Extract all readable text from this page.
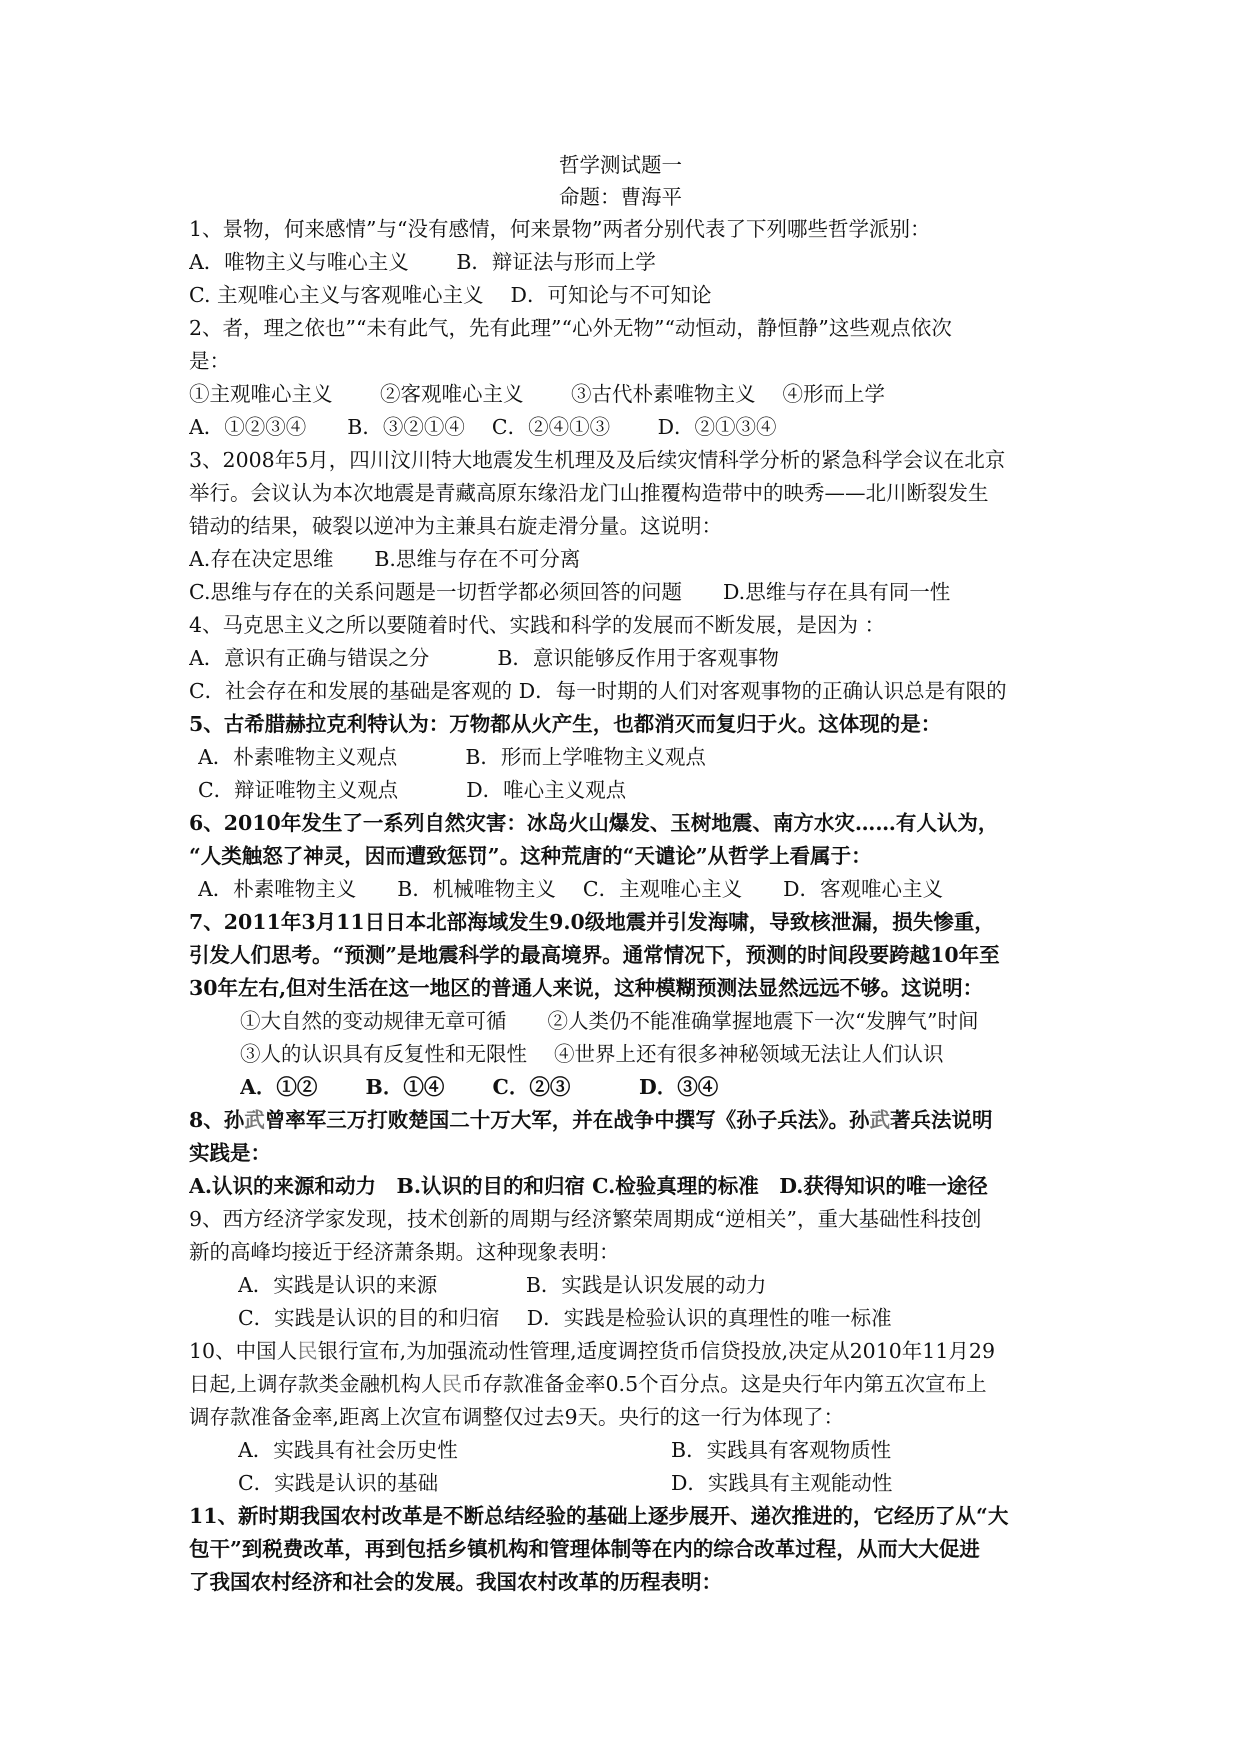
哲学测试题一
命题：曹海平
1、景物，何来感情”与“没有感情，何来景物”两者分别代表了下列哪些哲学派别：
A．唯物主义与唯心主义　　 B．辩证法与形而上学
C. 主观唯心主义与客观唯心主义　 D．可知论与不可知论
2、者，理之依也”“未有此气，先有此理”“心外无物”“动恒动，静恒静”这些观点依次
是：
①主观唯心主义　　 ②客观唯心主义　　 ③古代朴素唯物主义　 ④形而上学
A．①②③④　　B．③②①④　 C．②④①③　　 D．②①③④
3、2008年5月，四川汶川特大地震发生机理及及后续灾情科学分析的紧急科学会议在北京
举行。会议认为本次地震是青藏高原东缘沿龙门山推覆构造带中的映秀——北川断裂发生
错动的结果，破裂以逆冲为主兼具右旋走滑分量。这说明：
A.存在决定思维　　B.思维与存在不可分离
C.思维与存在的关系问题是一切哲学都必须回答的问题　　D.思维与存在具有同一性
4、马克思主义之所以要随着时代、实践和科学的发展而不断发展，是因为 ：
A．意识有正确与错误之分　　　 B．意识能够反作用于客观事物
C．社会存在和发展的基础是客观的 D．每一时期的人们对客观事物的正确认识总是有限的
5、古希腊赫拉克利特认为：万物都从火产生，也都消灭而复归于火。这体现的是：
A．朴素唯物主义观点　　　 B．形而上学唯物主义观点
C．辩证唯物主义观点　　　 D．唯心主义观点
6、2010年发生了一系列自然灾害：冰岛火山爆发、玉树地震、南方水灾……有人认为，
“人类触怒了神灵，因而遭致惩罚”。这种荒唐的“天谴论”从哲学上看属于：
A．朴素唯物主义　　B．机械唯物主义　 C．主观唯心主义　　D．客观唯心主义
7、2011年3月11日日本北部海域发生9.0级地震并引发海啸，导致核泄漏，损失惨重，
引发人们思考。“预测”是地震科学的最高境界。通常情况下，预测的时间段要跨越10年至
30年左右,但对生活在这一地区的普通人来说，这种模糊预测法显然远远不够。这说明：
①大自然的变动规律无章可循　　②人类仍不能准确掌握地震下一次“发脾气”时间
③人的认识具有反复性和无限性　 ④世界上还有很多神秘领域无法让人们认识
A．①②　　 B．①④　　 C．②③　　　 D．③④
8、孙武曾率军三万打败楚国二十万大军，并在战争中撰写《孙子兵法》。孙武著兵法说明
实践是：
A.认识的来源和动力　B.认识的目的和归宿 C.检验真理的标准　D.获得知识的唯一途径
9、西方经济学家发现，技术创新的周期与经济繁荣周期成“逆相关”，重大基础性科技创
新的高峰均接近于经济萧条期。这种现象表明：
A．实践是认识的来源　　　　 B．实践是认识发展的动力
C．实践是认识的目的和归宿　 D．实践是检验认识的真理性的唯一标准
10、中国人民银行宣布,为加强流动性管理,适度调控货币信贷投放,决定从2010年11月29
日起,上调存款类金融机构人民币存款准备金率0.5个百分点。这是央行年内第五次宣布上
调存款准备金率,距离上次宣布调整仅过去9天。央行的这一行为体现了：
A．实践具有社会历史性	B．实践具有客观物质性
C．实践是认识的基础	D．实践具有主观能动性
11、新时期我国农村改革是不断总结经验的基础上逐步展开、递次推进的，它经历了从“大
包干”到税费改革，再到包括乡镇机构和管理体制等在内的综合改革过程，从而大大促进
了我国农村经济和社会的发展。我国农村改革的历程表明：
